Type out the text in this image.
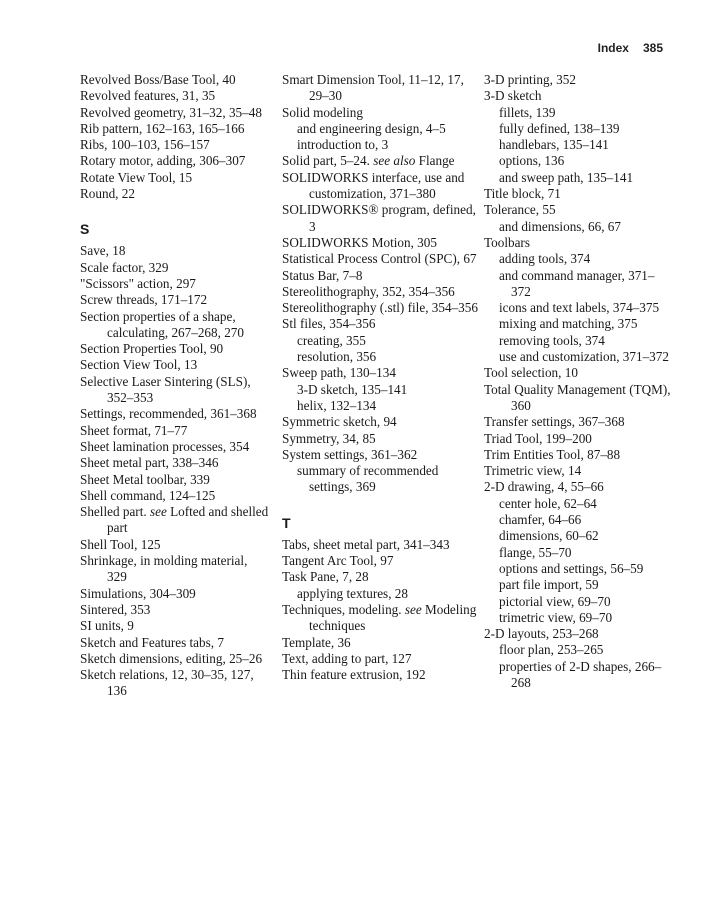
Index 385

Revolved Boss/Base Tool, 40

Revolved features, 31, 35

Revolved geometry, 31–32, 35–48

Rib pattern, 162–163, 165–166

Ribs, 100–103, 156–157

Rotary motor, adding, 306–307

Rotate View Tool, 15

Round, 22

S

Save, 18

Scale factor, 329

"Scissors" action, 297

Screw threads, 171–172

Section properties of a shape, calculating, 267–268, 270

Section Properties Tool, 90

Section View Tool, 13

Selective Laser Sintering (SLS), 352–353

Settings, recommended, 361–368

Sheet format, 71–77

Sheet lamination processes, 354

Sheet metal part, 338–346

Sheet Metal toolbar, 339

Shell command, 124–125

Shelled part. see Lofted and shelled part

Shell Tool, 125

Shrinkage, in molding material, 329

Simulations, 304–309

Sintered, 353

SI units, 9

Sketch and Features tabs, 7

Sketch dimensions, editing, 25–26

Sketch relations, 12, 30–35, 127, 136

Smart Dimension Tool, 11–12, 17, 29–30

Solid modeling

and engineering design, 4–5

introduction to, 3

Solid part, 5–24. see also Flange

SOLIDWORKS interface, use and customization, 371–380

SOLIDWORKS® program, defined, 3

SOLIDWORKS Motion, 305

Statistical Process Control (SPC), 67

Status Bar, 7–8

Stereolithography, 352, 354–356

Stereolithography (.stl) file, 354–356

Stl files, 354–356

creating, 355

resolution, 356

Sweep path, 130–134

3-D sketch, 135–141

helix, 132–134

Symmetric sketch, 94

Symmetry, 34, 85

System settings, 361–362

summary of recommended settings, 369

T

Tabs, sheet metal part, 341–343

Tangent Arc Tool, 97

Task Pane, 7, 28

applying textures, 28

Techniques, modeling. see Modeling techniques

Template, 36

Text, adding to part, 127

Thin feature extrusion, 192

3-D printing, 352

3-D sketch

fillets, 139

fully defined, 138–139

handlebars, 135–141

options, 136

and sweep path, 135–141

Title block, 71

Tolerance, 55

and dimensions, 66, 67

Toolbars

adding tools, 374

and command manager, 371–372

icons and text labels, 374–375

mixing and matching, 375

removing tools, 374

use and customization, 371–372

Tool selection, 10

Total Quality Management (TQM), 360

Transfer settings, 367–368

Triad Tool, 199–200

Trim Entities Tool, 87–88

Trimetric view, 14

2-D drawing, 4, 55–66

center hole, 62–64

chamfer, 64–66

dimensions, 60–62

flange, 55–70

options and settings, 56–59

part file import, 59

pictorial view, 69–70

trimetric view, 69–70

2-D layouts, 253–268

floor plan, 253–265

properties of 2-D shapes, 266–268
